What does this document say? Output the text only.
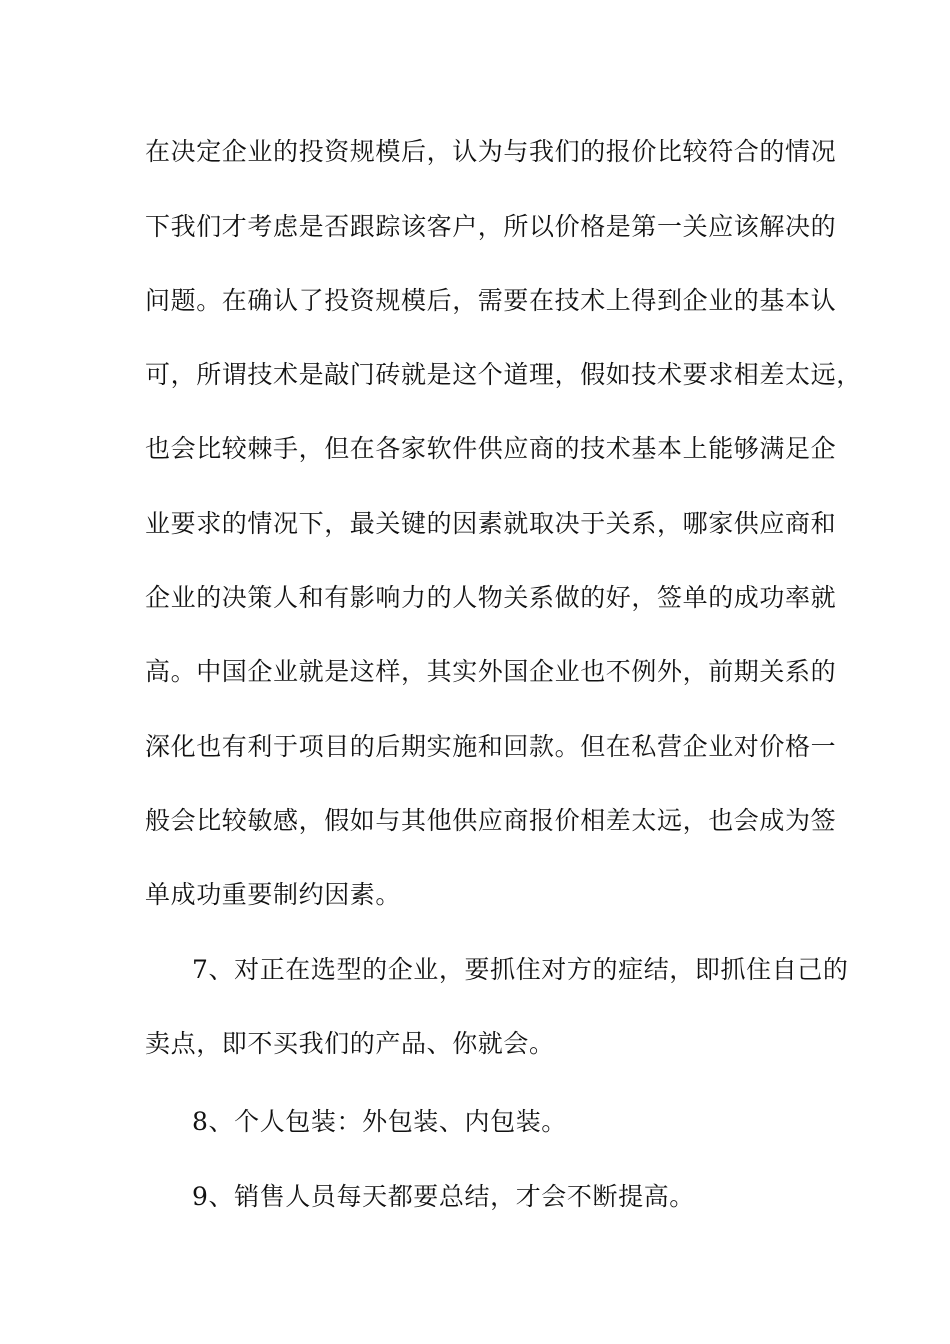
在决定企业的投资规模后，认为与我们的报价比较符合的情况
下我们才考虑是否跟踪该客户，所以价格是第一关应该解决的
问题。在确认了投资规模后，需要在技术上得到企业的基本认
可，所谓技术是敲门砖就是这个道理，假如技术要求相差太远，
也会比较棘手，但在各家软件供应商的技术基本上能够满足企
业要求的情况下，最关键的因素就取决于关系，哪家供应商和
企业的决策人和有影响力的人物关系做的好，签单的成功率就
高。中国企业就是这样，其实外国企业也不例外，前期关系的
深化也有利于项目的后期实施和回款。但在私营企业对价格一
般会比较敏感，假如与其他供应商报价相差太远，也会成为签
单成功重要制约因素。
7、对正在选型的企业，要抓住对方的症结，即抓住自己的
卖点，即不买我们的产品、你就会。
8、个人包装：外包装、内包装。
9、销售人员每天都要总结，才会不断提高。
